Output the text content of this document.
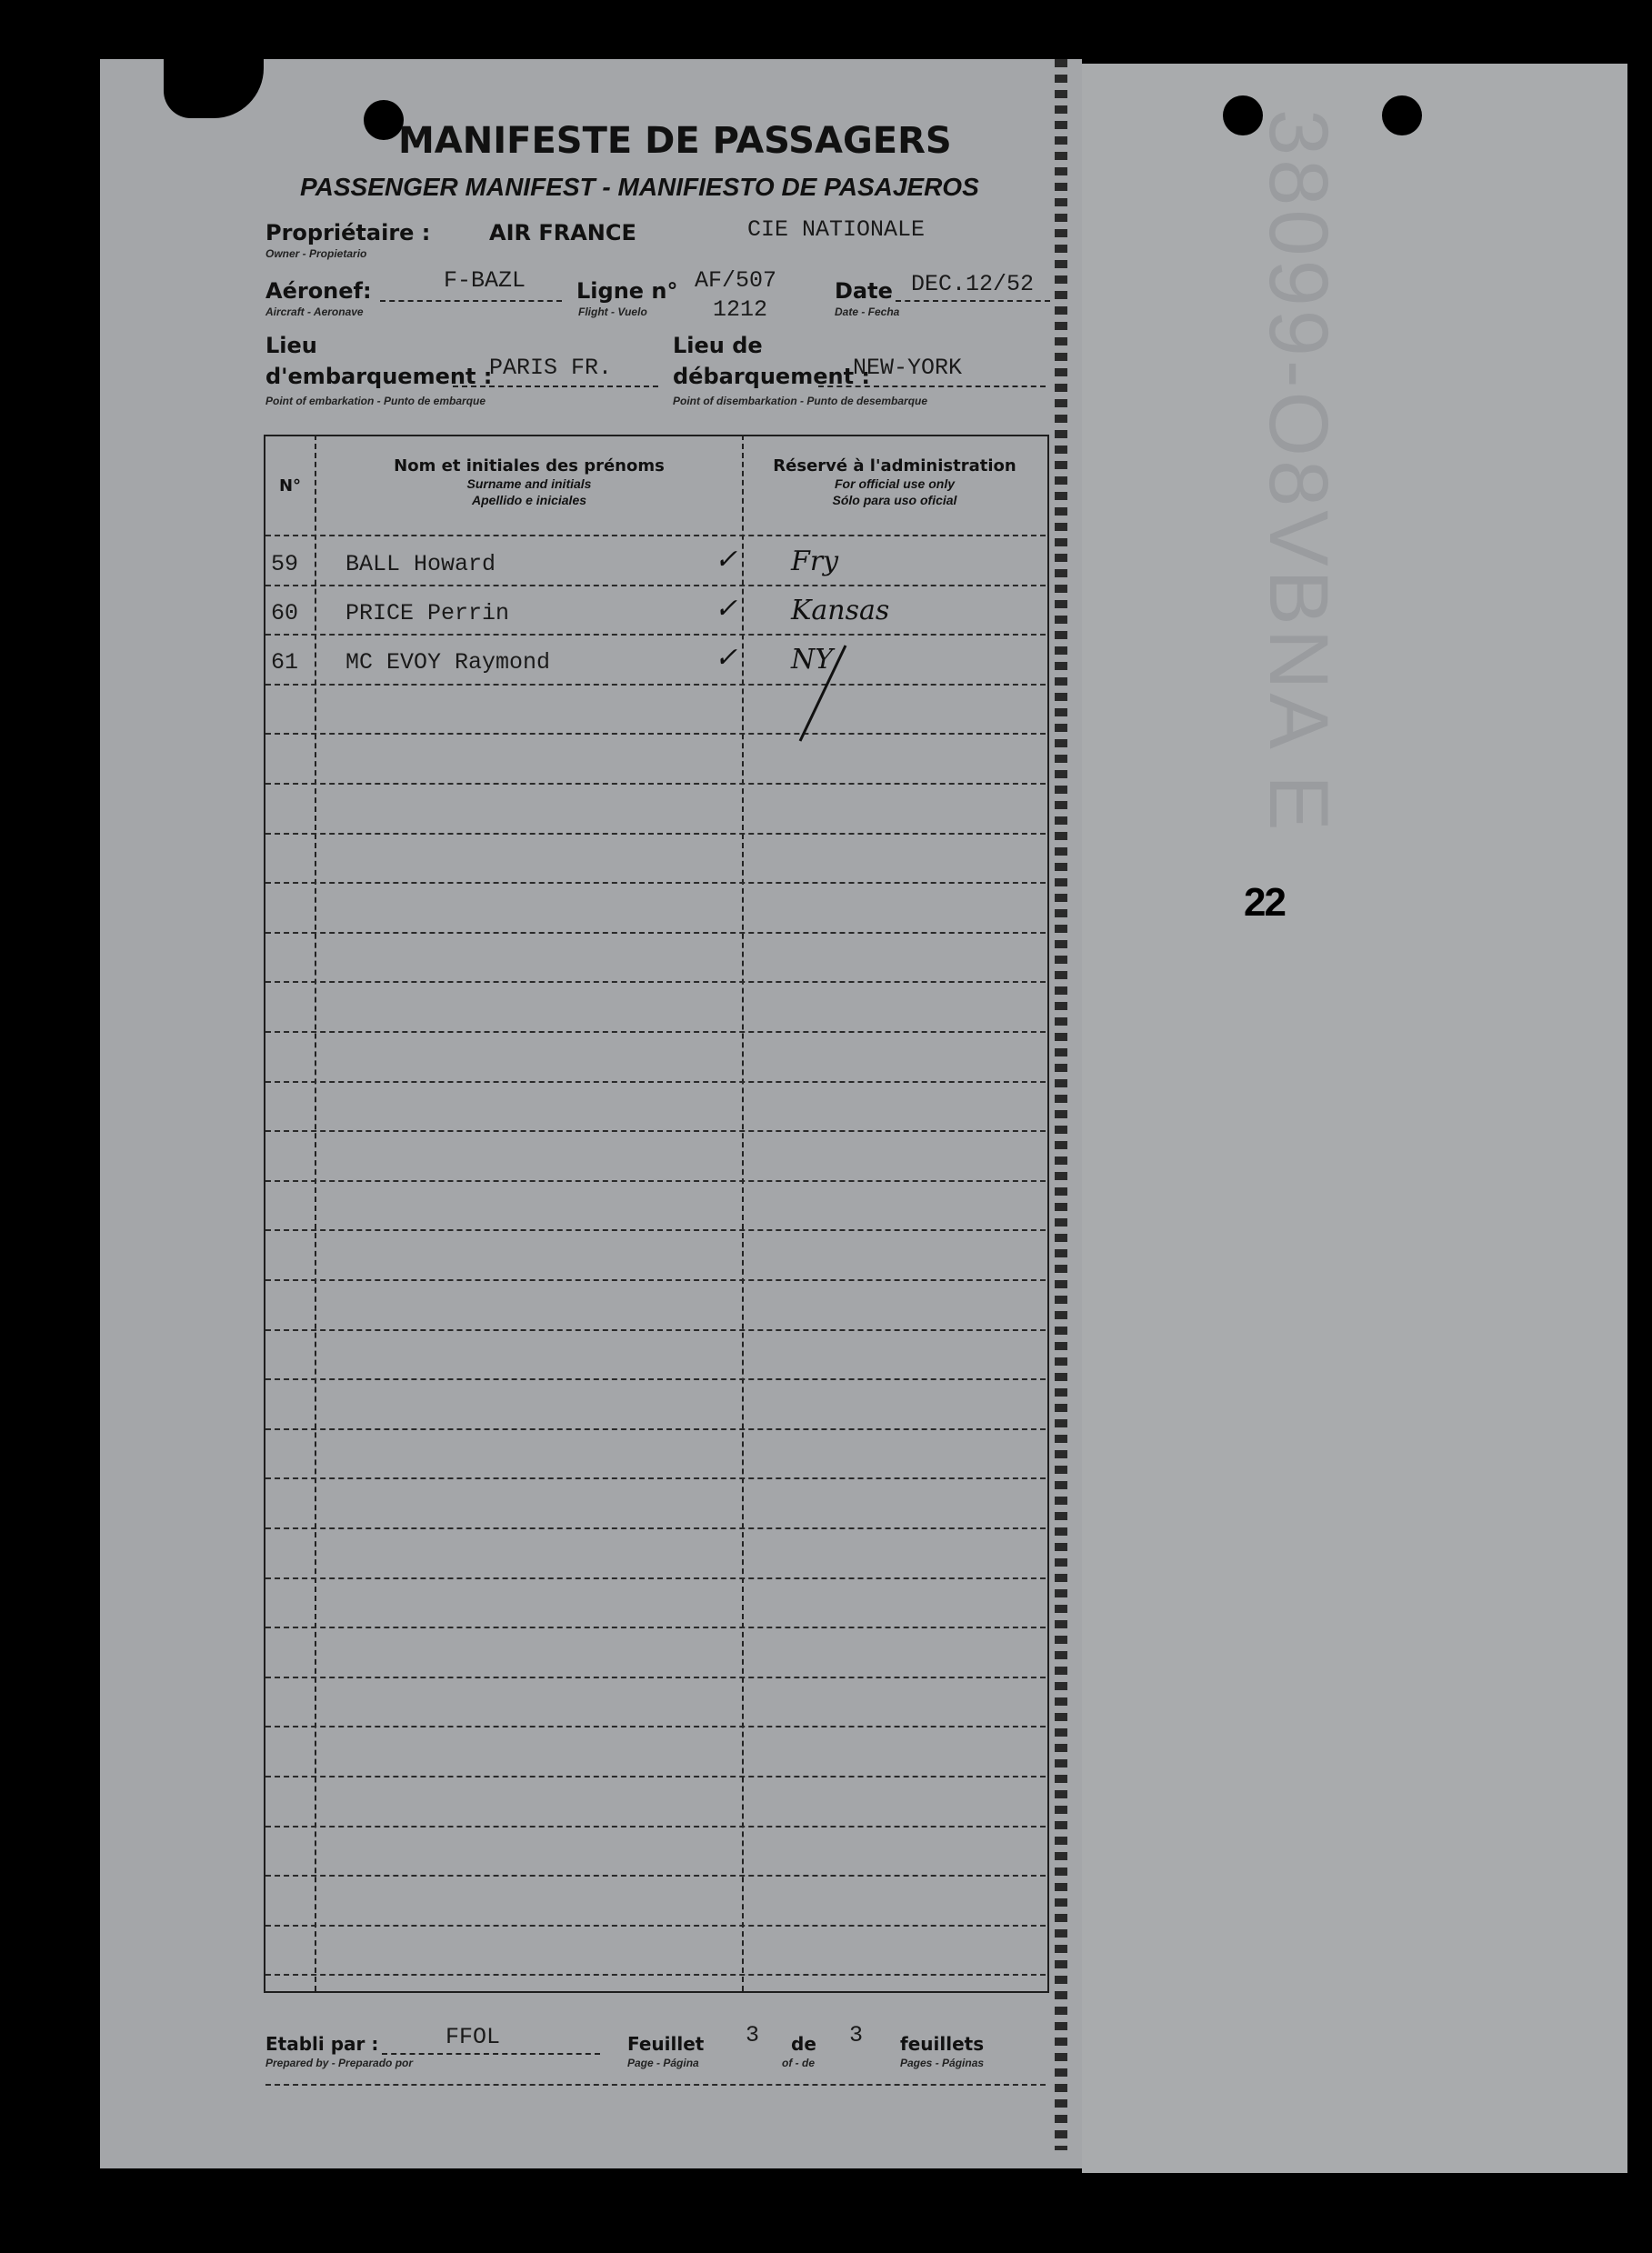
38099-O8VBNA E
22
MANIFESTE DE PASSAGERS
PASSENGER MANIFEST - MANIFIESTO DE PASAJEROS
Propriétaire :
Owner - Propietario
AIR FRANCE	CIE NATIONALE
Aéronef:
Aircraft - Aeronave
F-BAZL Ligne n°
Flight - Vuelo
AF/507
1212
Date
Date - Fecha
DEC.12/52
Lieu
d'embarquement :
Point of embarkation - Punto de embarque
PARIS FR.
Lieu de
débarquement :
Point of disembarkation - Punto de desembarque
NEW-YORK
N°
Nom et initiales des prénoms
Surname and initials
Apellido e iniciales
Réservé à l'administration
For official use only
Sólo para uso oficial
59 BALL Howard	✓ Fry
60 PRICE Perrin	✓ Kansas
61 MC EVOY Raymond	✓ NY
Etabli par :
Prepared by - Preparado por
FFOL	Feuillet
Page - Página
3 de
of - de
3 feuillets
Pages - Páginas
